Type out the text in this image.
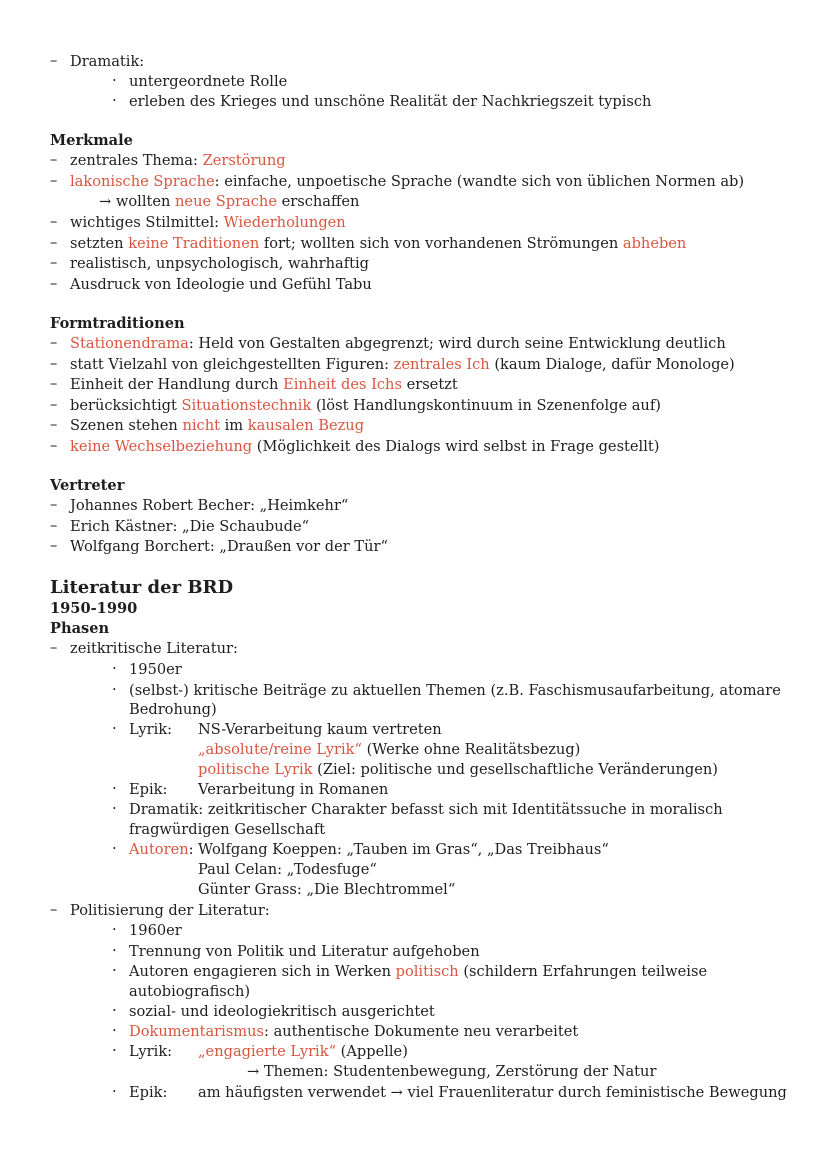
– Dramatik:
· untergeordnete Rolle
· erleben des Krieges und unschöne Realität der Nachkriegszeit typisch
Merkmale
– zentrales Thema: Zerstörung
– lakonische Sprache: einfache, unpoetische Sprache (wandte sich von üblichen Normen ab)
→ wollten neue Sprache erschaffen
– wichtiges Stilmittel: Wiederholungen
– setzten keine Traditionen fort; wollten sich von vorhandenen Strömungen abheben
– realistisch, unpsychologisch, wahrhaftig
– Ausdruck von Ideologie und Gefühl Tabu
Formtraditionen
– Stationendrama: Held von Gestalten abgegrenzt; wird durch seine Entwicklung deutlich
– statt Vielzahl von gleichgestellten Figuren: zentrales Ich (kaum Dialoge, dafür Monologe)
– Einheit der Handlung durch Einheit des Ichs ersetzt
– berücksichtigt Situationstechnik (löst Handlungskontinuum in Szenenfolge auf)
– Szenen stehen nicht im kausalen Bezug
– keine Wechselbeziehung (Möglichkeit des Dialogs wird selbst in Frage gestellt)
Vertreter
– Johannes Robert Becher: „Heimkehr“
– Erich Kästner: „Die Schaubude“
– Wolfgang Borchert: „Draußen vor der Tür“
Literatur der BRD
1950-1990
Phasen
– zeitkritische Literatur:
· 1950er
· (selbst-) kritische Beiträge zu aktuellen Themen (z.B. Faschismusaufarbeitung, atomare
Bedrohung)
· Lyrik: NS-Verarbeitung kaum vertreten
„absolute/reine Lyrik“ (Werke ohne Realitätsbezug)
politische Lyrik (Ziel: politische und gesellschaftliche Veränderungen)
· Epik: Verarbeitung in Romanen
· Dramatik: zeitkritischer Charakter befasst sich mit Identitätssuche in moralisch
fragwürdigen Gesellschaft
· Autoren: Wolfgang Koeppen: „Tauben im Gras“, „Das Treibhaus“
Paul Celan: „Todesfuge“
Günter Grass: „Die Blechtrommel“
– Politisierung der Literatur:
· 1960er
· Trennung von Politik und Literatur aufgehoben
· Autoren engagieren sich in Werken politisch (schildern Erfahrungen teilweise
autobiografisch)
· sozial- und ideologiekritisch ausgerichtet
· Dokumentarismus: authentische Dokumente neu verarbeitet
· Lyrik: „engagierte Lyrik“ (Appelle)
→ Themen: Studentenbewegung, Zerstörung der Natur
· Epik: am häufigsten verwendet → viel Frauenliteratur durch feministische Bewegung
